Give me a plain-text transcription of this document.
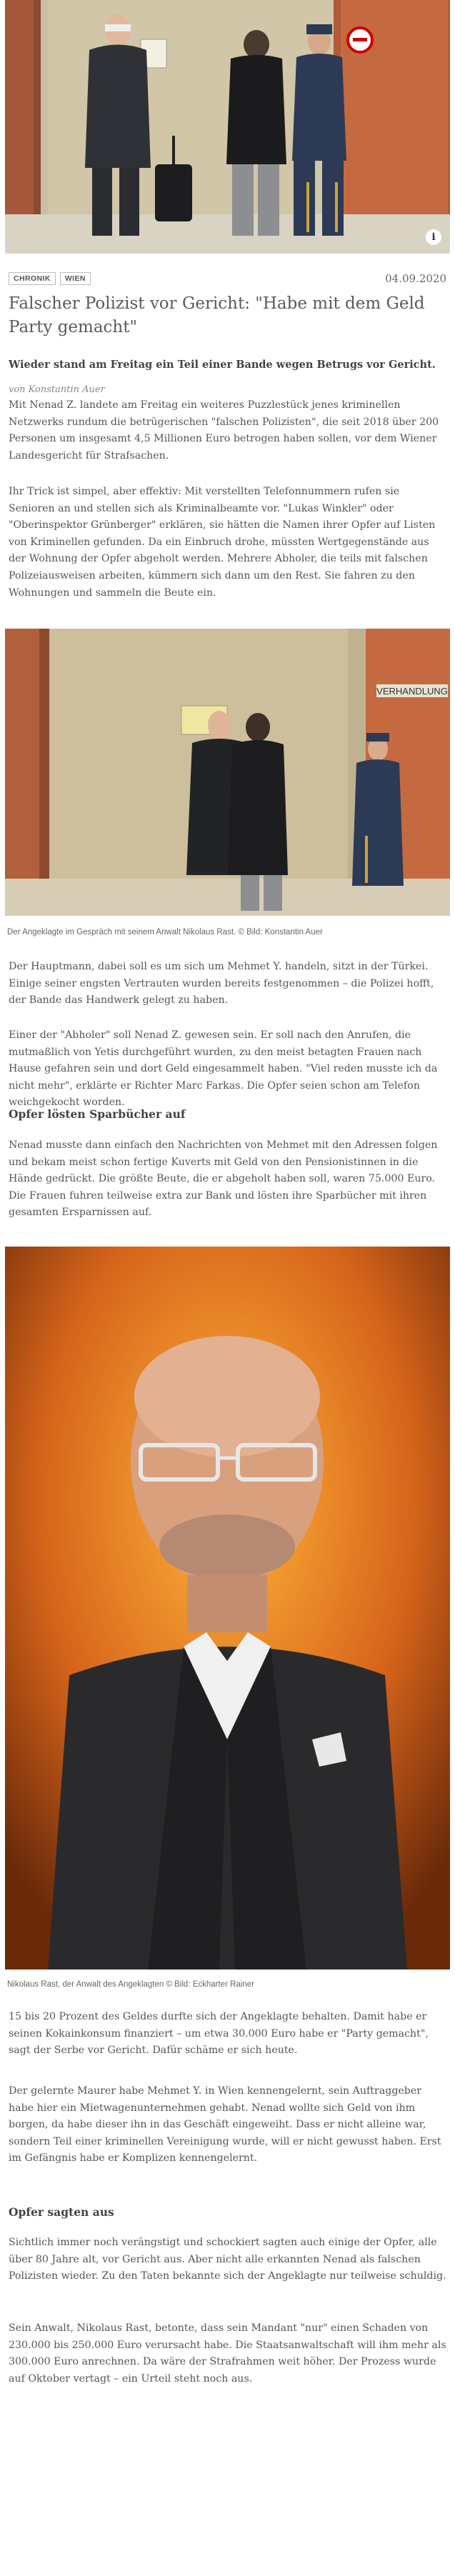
i
CHRONIK	WIEN	04.09.2020
Falscher Polizist vor Gericht: "Habe mit dem Geld Party gemacht"
Wieder stand am Freitag ein Teil einer Bande wegen Betrugs vor Gericht.
von Konstantin Auer

Mit Nenad Z. landete am Freitag ein weiteres Puzzlestück jenes kriminellen Netzwerks rundum die betrügerischen "falschen Polizisten", die seit 2018 über 200 Personen um insgesamt 4,5 Millionen Euro betrogen haben sollen, vor dem Wiener Landesgericht für Strafsachen.

Ihr Trick ist simpel, aber effektiv: Mit verstellten Telefonnummern rufen sie Senioren an und stellen sich als Kriminalbeamte vor. "Lukas Winkler" oder "Oberinspektor Grünberger" erklären, sie hätten die Namen ihrer Opfer auf Listen von Kriminellen gefunden. Da ein Einbruch drohe, müssten Wertgegenstände aus der Wohnung der Opfer abgeholt werden. Mehrere Abholer, die teils mit falschen Polizeiausweisen arbeiten, kümmern sich dann um den Rest. Sie fahren zu den Wohnungen und sammeln die Beute ein.

VERHANDLUNG
Der Angeklagte im Gespräch mit seinem Anwalt Nikolaus Rast. © Bild: Konstantin Auer

Der Hauptmann, dabei soll es um sich um Mehmet Y. handeln, sitzt in der Türkei. Einige seiner engsten Vertrauten wurden bereits festgenommen – die Polizei hofft, der Bande das Handwerk gelegt zu haben.

Einer der "Abholer" soll Nenad Z. gewesen sein. Er soll nach den Anrufen, die mutmaßlich von Yetis durchgeführt wurden, zu den meist betagten Frauen nach Hause gefahren sein und dort Geld eingesammelt haben. "Viel reden musste ich da nicht mehr", erklärte er Richter Marc Farkas. Die Opfer seien schon am Telefon weichgekocht worden.

Opfer lösten Sparbücher auf

Nenad musste dann einfach den Nachrichten von Mehmet mit den Adressen folgen und bekam meist schon fertige Kuverts mit Geld von den Pensionistinnen in die Hände gedrückt. Die größte Beute, die er abgeholt haben soll, waren 75.000 Euro. Die Frauen fuhren teilweise extra zur Bank und lösten ihre Sparbücher mit ihren gesamten Ersparnissen auf.

Nikolaus Rast, der Anwalt des Angeklagten © Bild: Eckharter Rainer

15 bis 20 Prozent des Geldes durfte sich der Angeklagte behalten. Damit habe er seinen Kokainkonsum finanziert – um etwa 30.000 Euro habe er "Party gemacht", sagt der Serbe vor Gericht. Dafür schäme er sich heute.

Der gelernte Maurer habe Mehmet Y. in Wien kennengelernt, sein Auftraggeber habe hier ein Mietwagenunternehmen gehabt. Nenad wollte sich Geld von ihm borgen, da habe dieser ihn in das Geschäft eingeweiht. Dass er nicht alleine war, sondern Teil einer kriminellen Vereinigung wurde, will er nicht gewusst haben. Erst im Gefängnis habe er Komplizen kennengelernt.

Opfer sagten aus

Sichtlich immer noch verängstigt und schockiert sagten auch einige der Opfer, alle über 80 Jahre alt, vor Gericht aus. Aber nicht alle erkannten Nenad als falschen Polizisten wieder. Zu den Taten bekannte sich der Angeklagte nur teilweise schuldig.

Sein Anwalt, Nikolaus Rast, betonte, dass sein Mandant "nur" einen Schaden von 230.000 bis 250.000 Euro verursacht habe. Die Staatsanwaltschaft will ihm mehr als 300.000 Euro anrechnen. Da wäre der Strafrahmen weit höher. Der Prozess wurde auf Oktober vertagt – ein Urteil steht noch aus.
